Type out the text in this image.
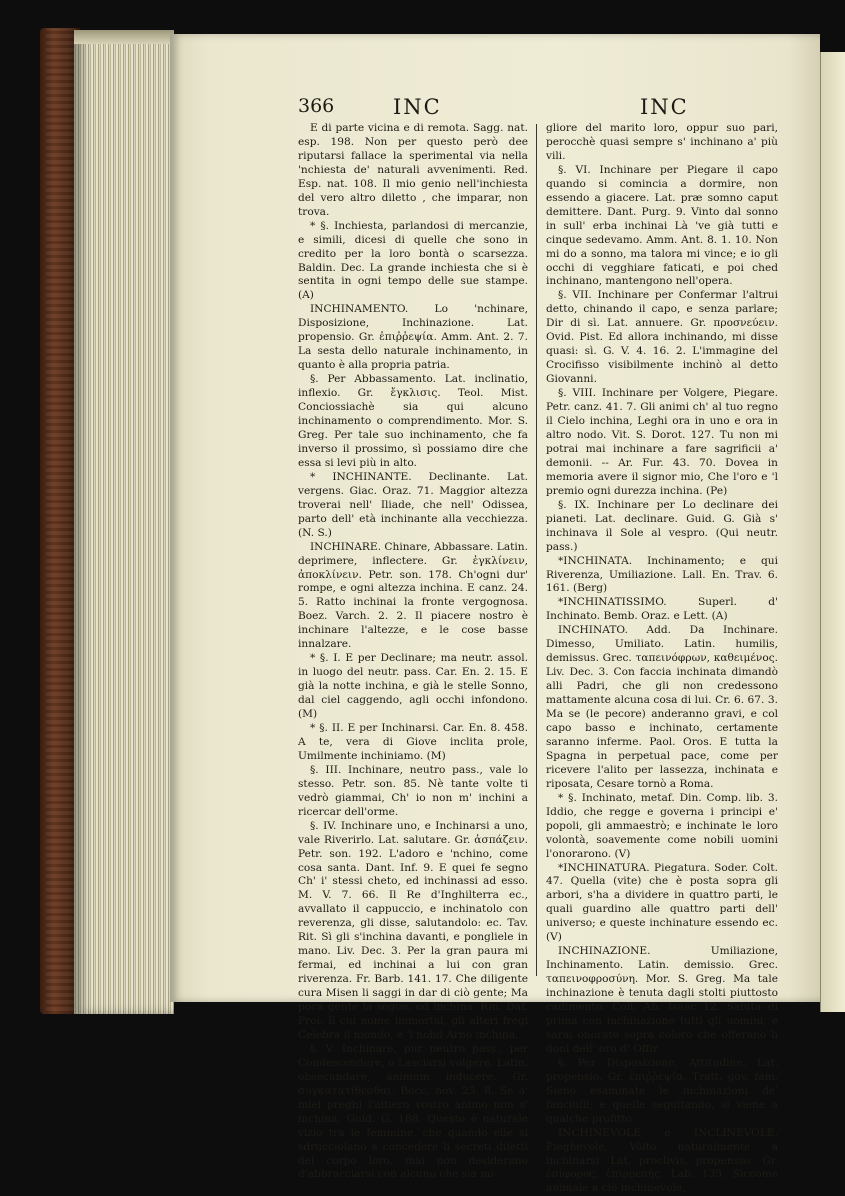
366	INC	INC

E di parte vicina e di remota. Sagg. nat. esp. 198. Non per questo però dee riputarsi fallace la sperimental via nella 'nchiesta de' naturali avvenimenti. Red. Esp. nat. 108. Il mio genio nell'inchiesta del vero altro diletto , che imparar, non trova.

* §. Inchiesta, parlandosi di mercanzie, e simili, dicesi di quelle che sono in credito per la loro bontà o scarsezza. Baldin. Dec. La grande inchiesta che si è sentita in ogni tempo delle sue stampe. (A)

INCHINAMENTO. Lo 'nchinare, Disposizione, Inchinazione. Lat. propensio. Gr. ἐπιῤῥεψία. Amm. Ant. 2. 7. La sesta dello naturale inchinamento, in quanto è alla propria patria.

§. Per Abbassamento. Lat. inclinatio, inflexio. Gr. ἔγκλισις. Teol. Mist. Conciossiachè sia qui alcuno inchinamento o comprendimento. Mor. S. Greg. Per tale suo inchinamento, che fa inverso il prossimo, sì possiamo dire che essa si levi più in alto.

* INCHINANTE. Declinante. Lat. vergens. Giac. Oraz. 71. Maggior altezza troverai nell' Iliade, che nell' Odissea, parto dell' età inchinante alla vecchiezza. (N. S.)

INCHINARE. Chinare, Abbassare. Latin. deprimere, inflectere. Gr. ἐγκλίνειν, ἀποκλίνειν. Petr. son. 178. Ch'ogni dur' rompe, e ogni altezza inchina. E canz. 24. 5. Ratto inchinai la fronte vergognosa. Boez. Varch. 2. 2. Il piacere nostro è inchinare l'altezze, e le cose basse innalzare.

* §. I. E per Declinare; ma neutr. assol. in luogo del neutr. pass. Car. En. 2. 15. E già la notte inchina, e già le stelle Sonno, dal ciel caggendo, agli occhi infondono. (M)

* §. II. E per Inchinarsi. Car. En. 8. 458. A te, vera di Giove inclita prole, Umilmente inchiniamo. (M)

§. III. Inchinare, neutro pass., vale lo stesso. Petr. son. 85. Nè tante volte ti vedrò giammai, Ch' io non m' inchini a ricercar dell'orme.

§. IV. Inchinare uno, e Inchinarsi a uno, vale Riverirlo. Lat. salutare. Gr. ἀσπάζειν. Petr. son. 192. L'adoro e 'nchino, come cosa santa. Dant. Inf. 9. E quei fe segno Ch' i' stessi cheto, ed inchinassi ad esso. M. V. 7. 66. Il Re d'Inghilterra ec., avvallato il cappuccio, e inchinatolo con reverenza, gli disse, salutandolo: ec. Tav. Rit. Sì gli s'inchina davanti, e pongliele in mano. Liv. Dec. 3. Per la gran paura mi fermai, ed inchinai a lui con gran riverenza. Fr. Barb. 141. 17. Che diligente cura Misen li saggi in dar di ciò gente; Ma poca gente la segue, od inchina. Rin. Daf. Prol. Il cui nome immortal, gli alteri fregi Celebra il mondo, e 'l nobil Arno inchina.

§. V. Inchinare, pur neutro pass., per Condescendere, o Lasciarsi volgere. Latin. obsecundare, animum inducere. Gr. συγκατατίθεσθαι. Bocc. nov. 25. 8. Se a' miei preghi l'altiero vostro animo non s' inchina. Guid. G. 188. Questo è naturale vizio tra le femmine, che quando elle si sdrucciolano a concedere li secreti diletti del corpo loro, mai non desiderano d'abbracciarsi con alcuno che sia mi-

gliore del marito loro, oppur suo pari, perocchè quasi sempre s' inchinano a' più vili.

§. VI. Inchinare per Piegare il capo quando si comincia a dormire, non essendo a giacere. Lat. præ somno caput demittere. Dant. Purg. 9. Vinto dal sonno in sull' erba inchinai Là 've già tutti e cinque sedevamo. Amm. Ant. 8. 1. 10. Non mi do a sonno, ma talora mi vince; e io gli occhi di vegghiare faticati, e poi ched inchinano, mantengono nell'opera.

§. VII. Inchinare per Confermar l'altrui detto, chinando il capo, e senza parlare; Dir di sì. Lat. annuere. Gr. προσνεύειν. Ovid. Pist. Ed allora inchinando, mi disse quasi: sì. G. V. 4. 16. 2. L'immagine del Crocifisso visibilmente inchinò al detto Giovanni.

§. VIII. Inchinare per Volgere, Piegare. Petr. canz. 41. 7. Gli animi ch' al tuo regno il Cielo inchina, Leghi ora in uno e ora in altro nodo. Vit. S. Dorot. 127. Tu non mi potrai mai inchinare a fare sagrificii a' demonii. -- Ar. Fur. 43. 70. Dovea in memoria avere il signor mio, Che l'oro e 'l premio ogni durezza inchina. (Pe)

§. IX. Inchinare per Lo declinare dei pianeti. Lat. declinare. Guid. G. Già s' inchinava il Sole al vespro. (Qui neutr. pass.)

*INCHINATA. Inchinamento; e qui Riverenza, Umiliazione. Lall. En. Trav. 6. 161. (Berg)

*INCHINATISSIMO. Superl. d' Inchinato. Bemb. Oraz. e Lett. (A)

INCHINATO. Add. Da Inchinare. Dimesso, Umiliato. Latin. humilis, demissus. Grec. ταπεινόφρων, καθειμένος. Liv. Dec. 3. Con faccia inchinata dimandò alli Padri, che gli non credessono mattamente alcuna cosa di lui. Cr. 6. 67. 3. Ma se (le pecore) anderanno gravi, e col capo basso e inchinato, certamente saranno inferme. Paol. Oros. E tutta la Spagna in perpetual pace, come per ricevere l'alito per lassezza, inchinata e riposata, Cesare tornò a Roma.

* §. Inchinato, metaf. Din. Comp. lib. 3. Iddio, che regge e governa i principi e' popoli, gli ammaestrò; e inchinate le loro volontà, soavemente come nobili uomini l'onorarono. (V)

*INCHINATURA. Piegatura. Soder. Colt. 47. Quella (vite) che è posta sopra gli arbori, s'ha a dividere in quattro parti, le quali guardino alle quattro parti dell' universo; e queste inchinature essendo ec. (V)

INCHINAZIONE. Umiliazione, Inchinamento. Latin. demissio. Grec. ταπεινοφροσύνη. Mor. S. Greg. Ma tale inchinazione è tenuta dagli stolti piuttosto cadimento. Coll. Ab. Isaac 12. Saluta di prima con inchinazione tutti gli uomini, e sarai onorato sopra coloro che offerano li doni dell' oro d' Offir.

§. Per Disposizione, Attitudine. Lat. propensio. Gr. ἐπιῤῥεψία. Tratt. gov. fam. Sieno esaminate le inchinazioni de' fanciulli; e quelle seguitando, si viene a qualche profitto.

INCHINEVOLE e INCLINEVOLE. Pieghevole, Vòlto naturalmente a inchinarsi. Lat. proclivis, propensus. Gr. ἐπίφορος, ἐπιρρεπής. Lab. 135. Siccome animale a ciò inchinevole,
